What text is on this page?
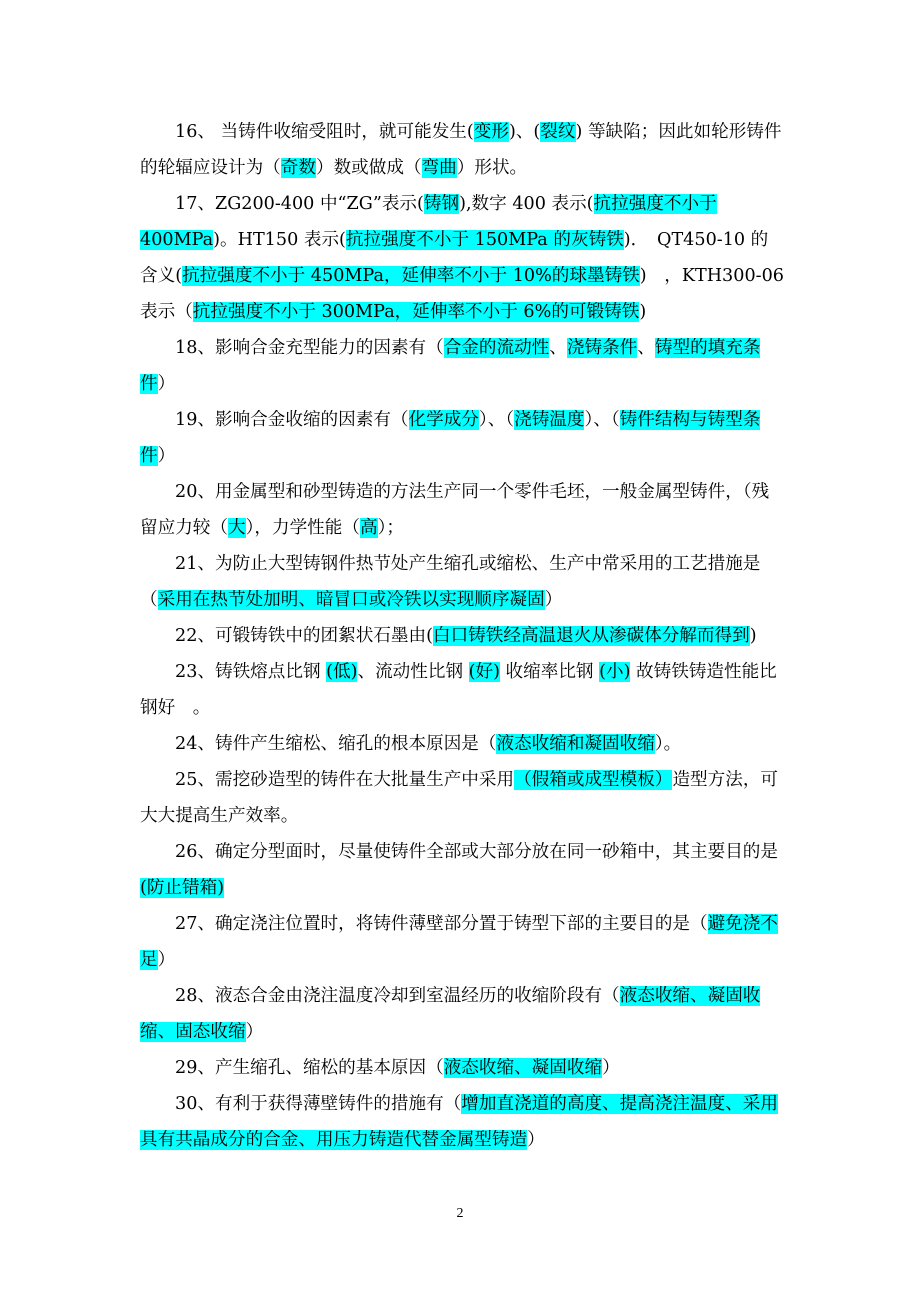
16、 当铸件收缩受阻时，就可能发生(变形)、(裂纹) 等缺陷；因此如轮形铸件的轮辐应设计为（奇数）数或做成（弯曲）形状。

17、ZG200-400 中“ZG”表示(铸钢),数字 400 表示(抗拉强度不小于 400MPa)。HT150 表示(抗拉强度不小于 150MPa 的灰铸铁)．　QT450-10 的含义(抗拉强度不小于 450MPa，延伸率不小于 10%的球墨铸铁)　，KTH300-06 表示（抗拉强度不小于 300MPa，延伸率不小于 6%的可锻铸铁)

18、影响合金充型能力的因素有（合金的流动性、浇铸条件、铸型的填充条件）

19、影响合金收缩的因素有（化学成分）、（浇铸温度）、（铸件结构与铸型条件）

20、用金属型和砂型铸造的方法生产同一个零件毛坯，一般金属型铸件，（残留应力较（大），力学性能（高）；

21、为防止大型铸钢件热节处产生缩孔或缩松、生产中常采用的工艺措施是（采用在热节处加明、暗冒口或冷铁以实现顺序凝固）

22、可锻铸铁中的团絮状石墨由(白口铸铁经高温退火从渗碳体分解而得到)

23、铸铁熔点比钢 (低)、流动性比钢 (好) 收缩率比钢 (小) 故铸铁铸造性能比钢好　。

24、铸件产生缩松、缩孔的根本原因是（液态收缩和凝固收缩）。

25、需挖砂造型的铸件在大批量生产中采用（假箱或成型模板）造型方法，可大大提高生产效率。

26、确定分型面时，尽量使铸件全部或大部分放在同一砂箱中，其主要目的是 (防止错箱)

27、确定浇注位置时，将铸件薄壁部分置于铸型下部的主要目的是（避免浇不足）

28、液态合金由浇注温度冷却到室温经历的收缩阶段有（液态收缩、凝固收缩、固态收缩）

29、产生缩孔、缩松的基本原因（液态收缩、凝固收缩）

30、有利于获得薄壁铸件的措施有（增加直浇道的高度、提高浇注温度、采用具有共晶成分的合金、用压力铸造代替金属型铸造）

2
